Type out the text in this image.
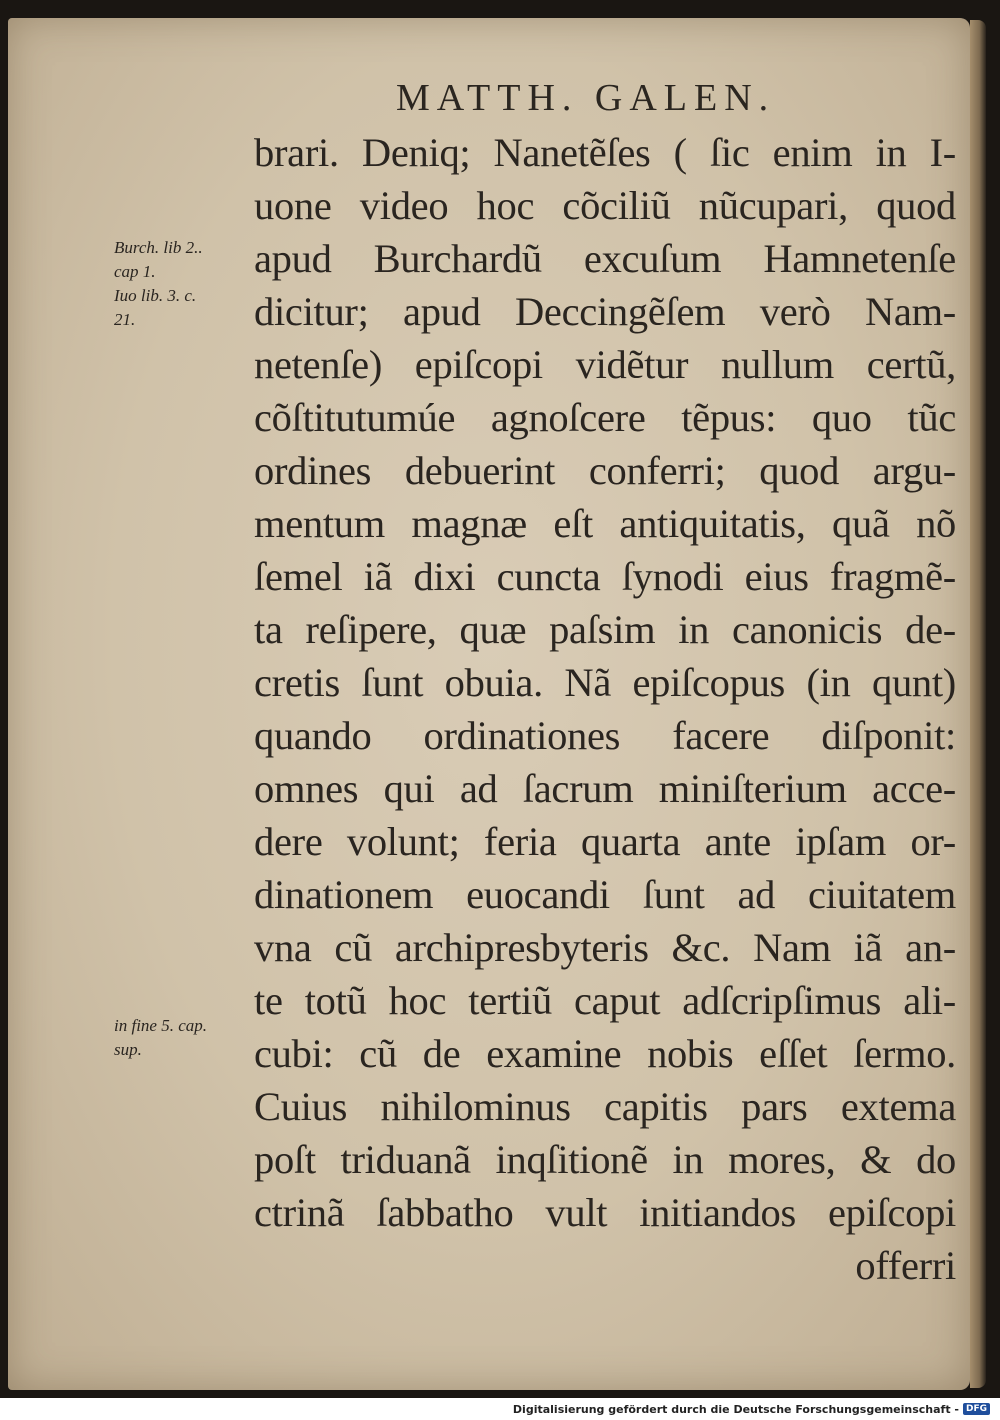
MATTH. GALEN.
brari. Deniq; Nanetẽſes ( ſic enim in I-
uone video hoc cõciliũ nũcupari, quod
apud Burchardũ excuſum Hamnetenſe
dicitur; apud Deccingẽſem verò Nam-
netenſe) epiſcopi vidẽtur nullum certũ,
cõſtitutumúe agnoſcere tẽpus: quo tũc
ordines debuerint conferri; quod argu-
mentum magnæ eſt antiquitatis, quã nõ
ſemel iã dixi cuncta ſynodi eius fragmẽ-
ta reſipere, quæ paſsim in canonicis de-
cretis ſunt obuia. Nã epiſcopus (in qunt)
quando ordinationes facere diſponit:
omnes qui ad ſacrum miniſterium acce-
dere volunt; feria quarta ante ipſam or-
dinationem euocandi ſunt ad ciuitatem
vna cũ archipresbyteris &c. Nam iã an-
te totũ hoc tertiũ caput adſcripſimus ali-
cubi: cũ de examine nobis eſſet ſermo.
Cuius nihilominus capitis pars extema
poſt triduanã inqſitionẽ in mores, & do
ctrinã ſabbatho vult initiandos epiſcopi
offerri

Burch. lib 2..
cap 1.
Iuo lib. 3. c.
21.

in fine 5. cap.
sup.

Digitalisierung gefördert durch die Deutsche Forschungsgemeinschaft - DFG
